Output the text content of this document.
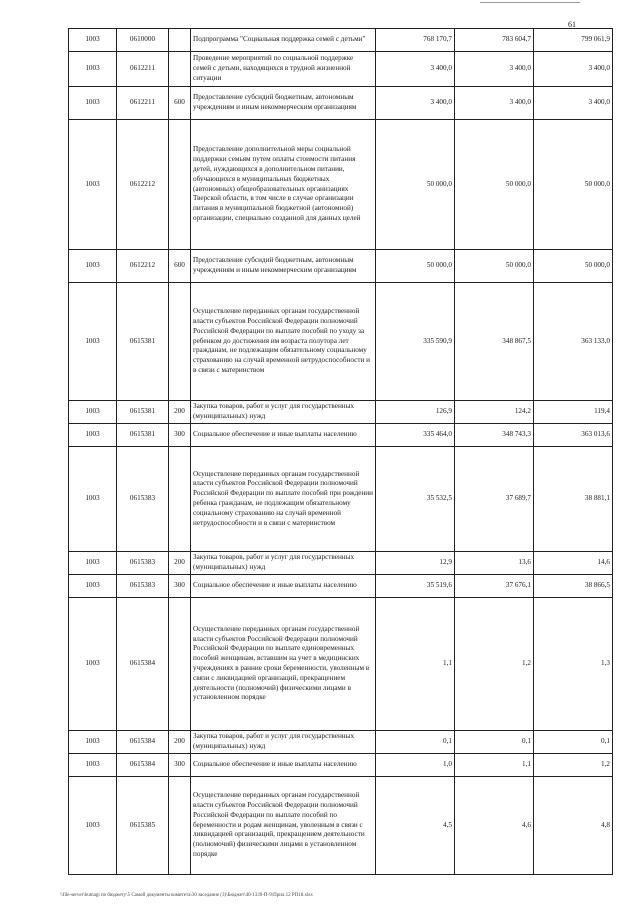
61
1003	0610000		Подпрограмма "Социальная поддержка семей с детьми"	768 170,7	783 604,7	799 061,9
1003	0612211		Проведение мероприятий по социальной поддержке семей с детьми, находящихся в трудной жизненной ситуации	3 400,0	3 400,0	3 400,0
1003	0612211	600	Предоставление субсидий бюджетным, автономным учреждениям и иным некоммерческим организациям	3 400,0	3 400,0	3 400,0
1003	0612212		Предоставление дополнительной меры социальной поддержки семьям путем оплаты стоимости питания детей, нуждающихся в дополнительном питании, обучающихся в муниципальных бюджетных (автономных) общеобразовательных организациях Тверской области, в том числе в случае организации питания в муниципальной бюджетной (автономной) организации, специально созданной для данных целей	50 000,0	50 000,0	50 000,0
1003	0612212	600	Предоставление субсидий бюджетным, автономным учреждениям и иным некоммерческим организациям	50 000,0	50 000,0	50 000,0
1003	0615381		Осуществление переданных органам государственной власти субъектов Российской Федерации полномочий Российской Федерации по выплате пособий по уходу за ребенком до достижения им возраста полутора лет гражданам, не подлежащим обязательному социальному страхованию на случай временной нетрудоспособности и в связи с материнством	335 590,9	348 867,5	363 133,0
1003	0615381	200	Закупка товаров, работ и услуг для государственных (муниципальных) нужд	126,9	124,2	119,4
1003	0615381	300	Социальное обеспечение и иные выплаты населению	335 464,0	348 743,3	363 013,6
1003	0615383		Осуществление переданных органам государственной власти субъектов Российской Федерации полномочий Российской Федерации по выплате пособий при рождении ребенка гражданам, не подлежащим обязательному социальному страхованию на случай временной нетрудоспособности и в связи с материнством	35 532,5	37 689,7	38 881,1
1003	0615383	200	Закупка товаров, работ и услуг для государственных (муниципальных) нужд	12,9	13,6	14,6
1003	0615383	300	Социальное обеспечение и иные выплаты населению	35 519,6	37 676,1	38 866,5
1003	0615384		Осуществление переданных органам государственной власти субъектов Российской Федерации полномочий Российской Федерации по выплате единовременных пособий женщинам, вставшим на учет в медицинских учреждениях в ранние сроки беременности, уволенным в связи с ликвидацией организаций, прекращением деятельности (полномочий) физическими лицами в установленном порядке	1,1	1,2	1,3
1003	0615384	200	Закупка товаров, работ и услуг для государственных (муниципальных) нужд	0,1	0,1	0,1
1003	0615384	300	Социальное обеспечение и иные выплаты населению	1,0	1,1	1,2
1003	0615385		Осуществление переданных органам государственной власти субъектов Российской Федерации полномочий Российской Федерации по выплате пособий по беременности и родам женщинам, уволенным в связи с ликвидацией организаций, прекращением деятельности (полномочий) физическими лицами в установленном порядке	4,5	4,6	4,8
\\file-server\bumagi по бюджету\5 Самой документы комитета\30 заседание (3)\Бюджет\40-1339-П-9\Прил.12 РП18.xlsx
